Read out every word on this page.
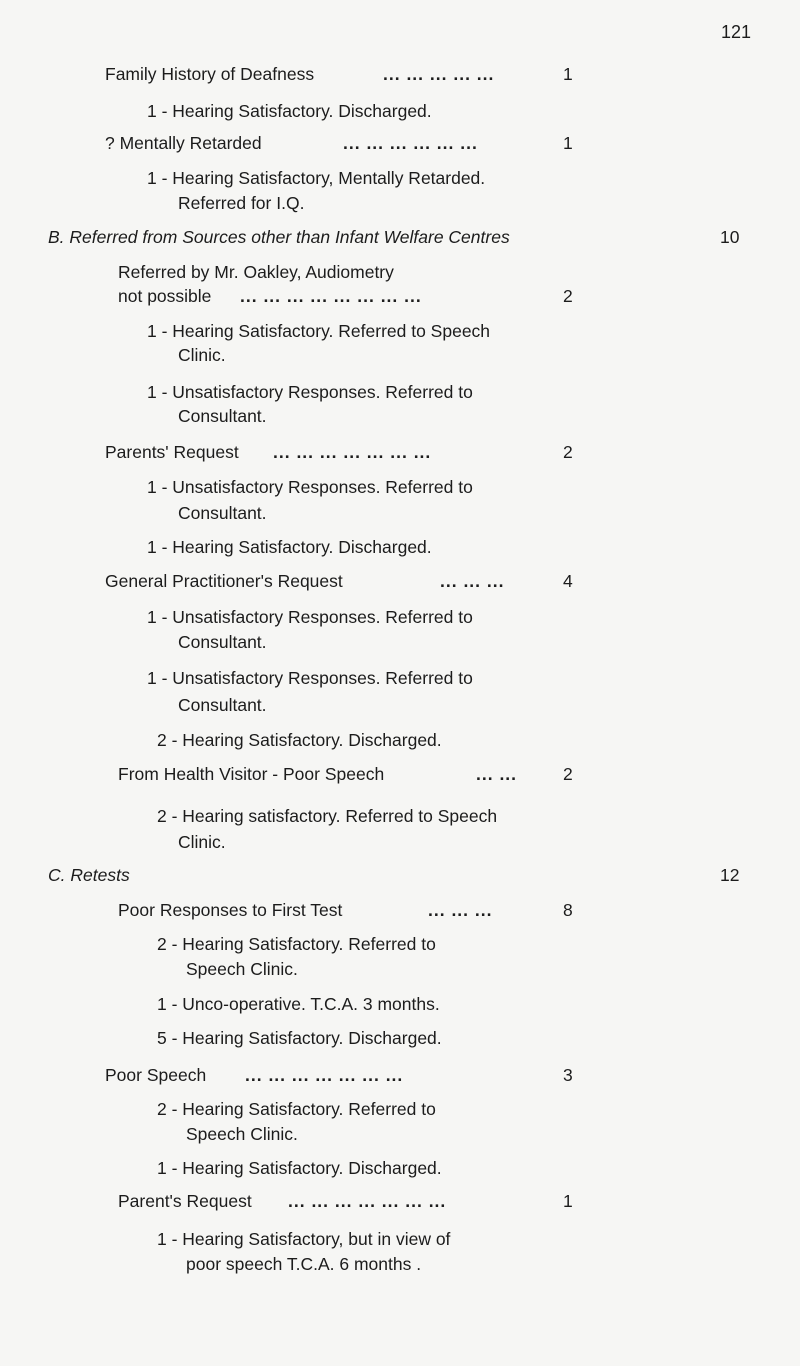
121
Family History of Deafness	... ... ... ... ...	1
1 - Hearing Satisfactory. Discharged.
? Mentally Retarded	... ... ... ... ... ...	1
1 - Hearing Satisfactory, Mentally Retarded.
Referred for I.Q.
B. Referred from Sources other than Infant Welfare Centres	10
Referred by Mr. Oakley, Audiometry
not possible ... ... ... ... ... ... ... ...	2
1 - Hearing Satisfactory. Referred to Speech
Clinic.
1 - Unsatisfactory Responses. Referred to
Consultant.
Parents' Request ... ... ... ... ... ... ...	2
1 - Unsatisfactory Responses. Referred to
Consultant.
1 - Hearing Satisfactory. Discharged.
General Practitioner's Request	... ... ...	4
1 - Unsatisfactory Responses. Referred to
Consultant.
1 - Unsatisfactory Responses. Referred to
Consultant.
2 - Hearing Satisfactory. Discharged.
From Health Visitor - Poor Speech	... ...	2
2 - Hearing satisfactory. Referred to Speech
Clinic.
C. Retests	12
Poor Responses to First Test	... ... ...	8
2 - Hearing Satisfactory. Referred to
Speech Clinic.
1 - Unco-operative. T.C.A. 3 months.
5 - Hearing Satisfactory. Discharged.
Poor Speech ... ... ... ... ... ... ...	3
2 - Hearing Satisfactory. Referred to
Speech Clinic.
1 - Hearing Satisfactory. Discharged.
Parent's Request ... ... ... ... ... ... ...	1
1 - Hearing Satisfactory, but in view of
poor speech T.C.A. 6 months .
